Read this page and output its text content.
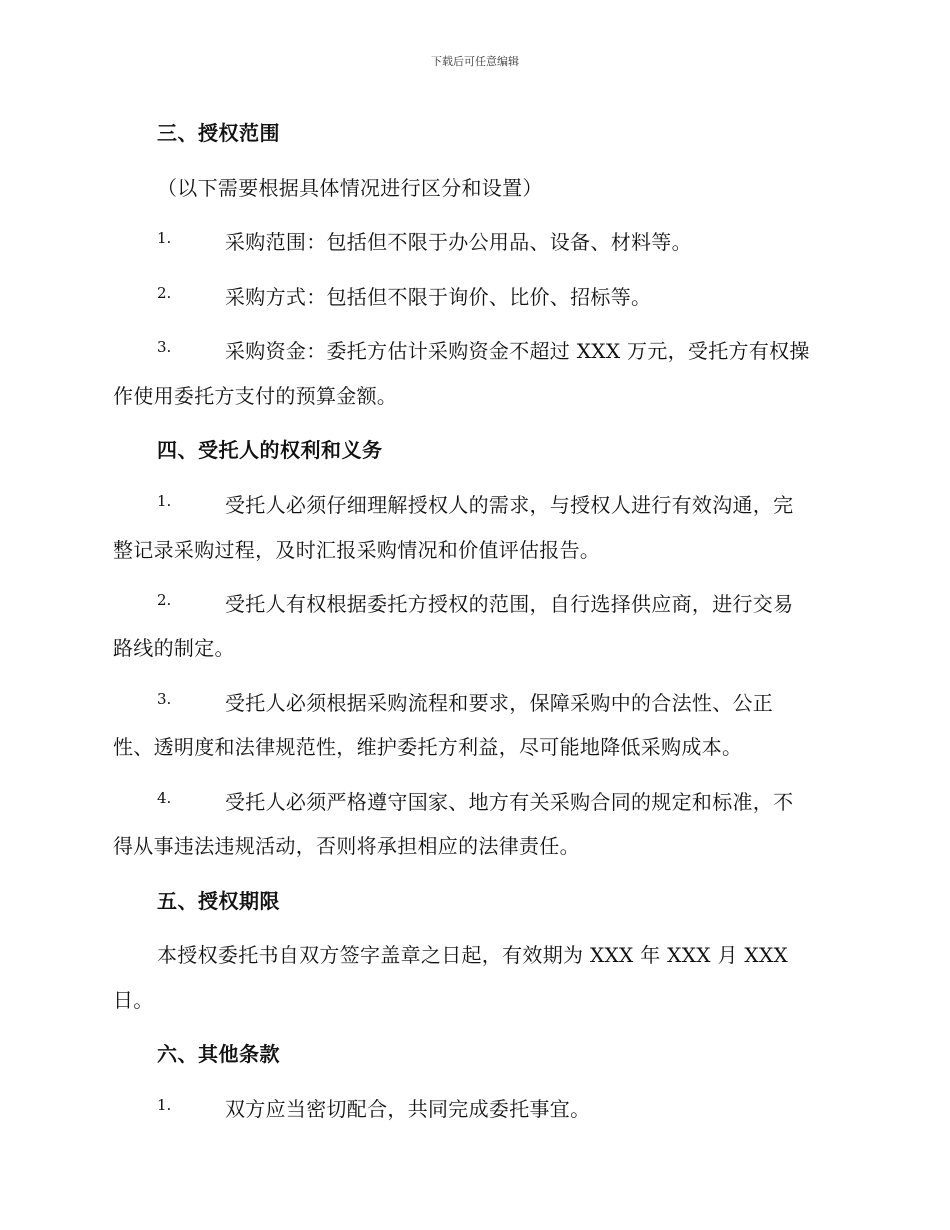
下载后可任意编辑
三、授权范围
（以下需要根据具体情况进行区分和设置）
1.	采购范围：包括但不限于办公用品、设备、材料等。
2.	采购方式：包括但不限于询价、比价、招标等。
3.	采购资金：委托方估计采购资金不超过 XXX 万元，受托方有权操
作使用委托方支付的预算金额。
四、受托人的权利和义务
1.	受托人必须仔细理解授权人的需求，与授权人进行有效沟通，完
整记录采购过程，及时汇报采购情况和价值评估报告。
2.	受托人有权根据委托方授权的范围，自行选择供应商，进行交易
路线的制定。
3.	受托人必须根据采购流程和要求，保障采购中的合法性、公正
性、透明度和法律规范性，维护委托方利益，尽可能地降低采购成本。
4.	受托人必须严格遵守国家、地方有关采购合同的规定和标准，不
得从事违法违规活动，否则将承担相应的法律责任。
五、授权期限
本授权委托书自双方签字盖章之日起，有效期为 XXX 年 XXX 月 XXX
日。
六、其他条款
1.	双方应当密切配合，共同完成委托事宜。
